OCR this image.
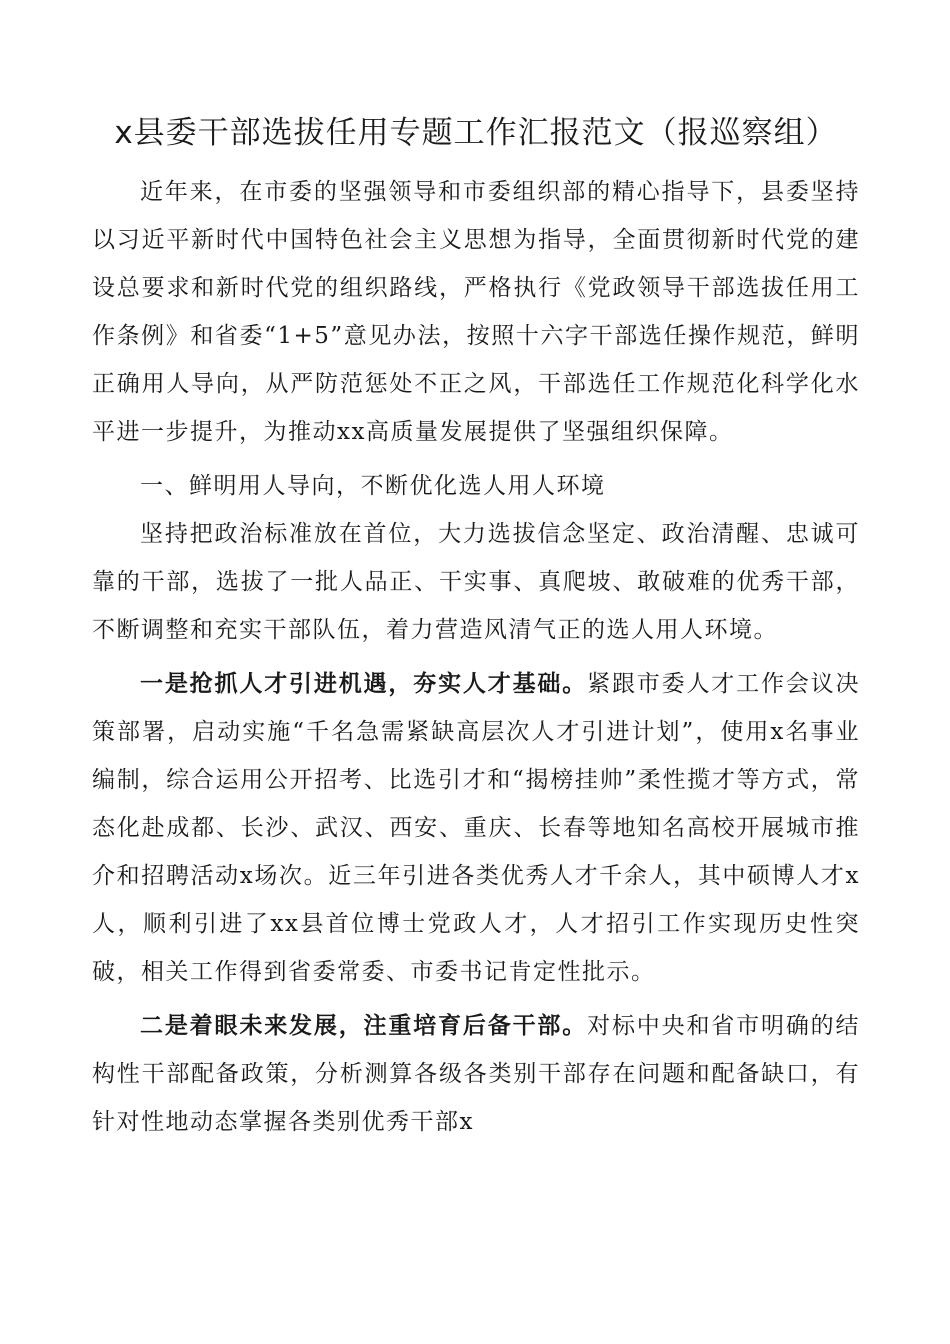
x县委干部选拔任用专题工作汇报范文（报巡察组）

近年来，在市委的坚强领导和市委组织部的精心指导下，县委坚持以习近平新时代中国特色社会主义思想为指导，全面贯彻新时代党的建设总要求和新时代党的组织路线，严格执行《党政领导干部选拔任用工作条例》和省委“1+5”意见办法，按照十六字干部选任操作规范，鲜明正确用人导向，从严防范惩处不正之风，干部选任工作规范化科学化水平进一步提升，为推动xx高质量发展提供了坚强组织保障。

一、鲜明用人导向，不断优化选人用人环境

坚持把政治标准放在首位，大力选拔信念坚定、政治清醒、忠诚可靠的干部，选拔了一批人品正、干实事、真爬坡、敢破难的优秀干部，不断调整和充实干部队伍，着力营造风清气正的选人用人环境。

一是抢抓人才引进机遇，夯实人才基础。紧跟市委人才工作会议决策部署，启动实施“千名急需紧缺高层次人才引进计划”，使用x名事业编制，综合运用公开招考、比选引才和“揭榜挂帅”柔性揽才等方式，常态化赴成都、长沙、武汉、西安、重庆、长春等地知名高校开展城市推介和招聘活动x场次。近三年引进各类优秀人才千余人，其中硕博人才x人，顺利引进了xx县首位博士党政人才，人才招引工作实现历史性突破，相关工作得到省委常委、市委书记肯定性批示。

二是着眼未来发展，注重培育后备干部。对标中央和省市明确的结构性干部配备政策，分析测算各级各类别干部存在问题和配备缺口，有针对性地动态掌握各类别优秀干部x
